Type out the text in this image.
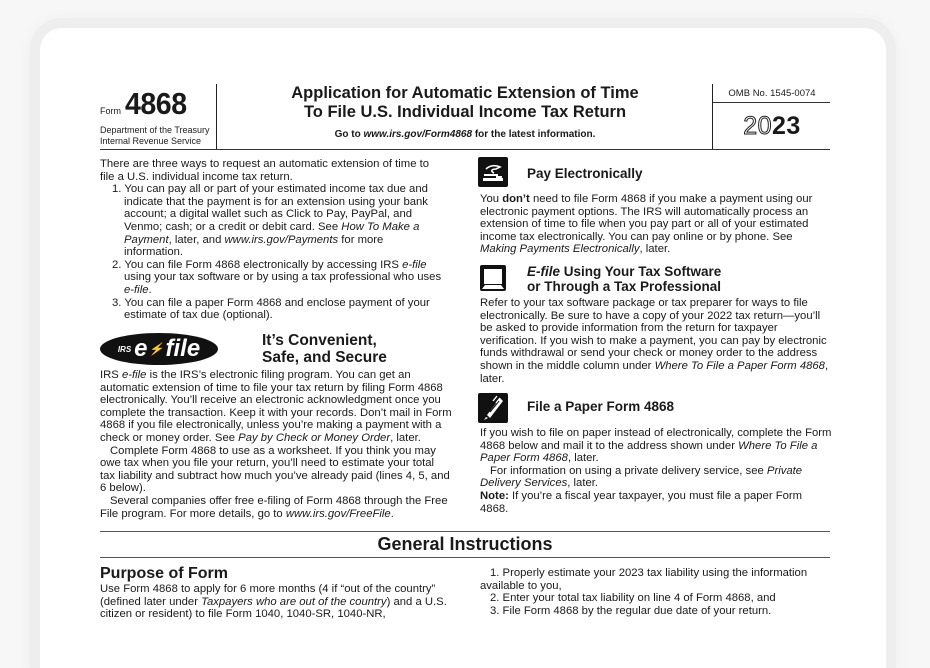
Form 4868
Department of the Treasury
Internal Revenue Service
Application for Automatic Extension of Time
To File U.S. Individual Income Tax Return
Go to www.irs.gov/Form4868 for the latest information.
OMB No. 1545-0074
2023
There are three ways to request an automatic extension of time to file a U.S. individual income tax return.
1. You can pay all or part of your estimated income tax due and indicate that the payment is for an extension using your bank account; a digital wallet such as Click to Pay, PayPal, and Venmo; cash; or a credit or debit card. See How To Make a Payment, later, and www.irs.gov/Payments for more information.
2. You can file Form 4868 electronically by accessing IRS e-file using your tax software or by using a tax professional who uses e-file.
3. You can file a paper Form 4868 and enclose payment of your estimate of tax due (optional).
IRS e ⚡ file	It’s Convenient,
Safe, and Secure
IRS e-file is the IRS’s electronic filing program. You can get an automatic extension of time to file your tax return by filing Form 4868 electronically. You’ll receive an electronic acknowledgment once you complete the transaction. Keep it with your records. Don’t mail in Form 4868 if you file electronically, unless you’re making a payment with a check or money order. See Pay by Check or Money Order, later.
Complete Form 4868 to use as a worksheet. If you think you may owe tax when you file your return, you’ll need to estimate your total tax liability and subtract how much you’ve already paid (lines 4, 5, and 6 below).
Several companies offer free e-filing of Form 4868 through the Free File program. For more details, go to www.irs.gov/FreeFile.
Pay Electronically
You don’t need to file Form 4868 if you make a payment using our electronic payment options. The IRS will automatically process an extension of time to file when you pay part or all of your estimated income tax electronically. You can pay online or by phone. See Making Payments Electronically, later.
E-file Using Your Tax Software
or Through a Tax Professional
Refer to your tax software package or tax preparer for ways to file electronically. Be sure to have a copy of your 2022 tax return—you’ll be asked to provide information from the return for taxpayer verification. If you wish to make a payment, you can pay by electronic funds withdrawal or send your check or money order to the address shown in the middle column under Where To File a Paper Form 4868, later.
File a Paper Form 4868
If you wish to file on paper instead of electronically, complete the Form 4868 below and mail it to the address shown under Where To File a Paper Form 4868, later.
For information on using a private delivery service, see Private Delivery Services, later.
Note: If you’re a fiscal year taxpayer, you must file a paper Form 4868.
General Instructions
Purpose of Form
Use Form 4868 to apply for 6 more months (4 if “out of the country” (defined later under Taxpayers who are out of the country) and a U.S. citizen or resident) to file Form 1040, 1040-SR, 1040-NR,
1. Properly estimate your 2023 tax liability using the information available to you,
2. Enter your total tax liability on line 4 of Form 4868, and
3. File Form 4868 by the regular due date of your return.
